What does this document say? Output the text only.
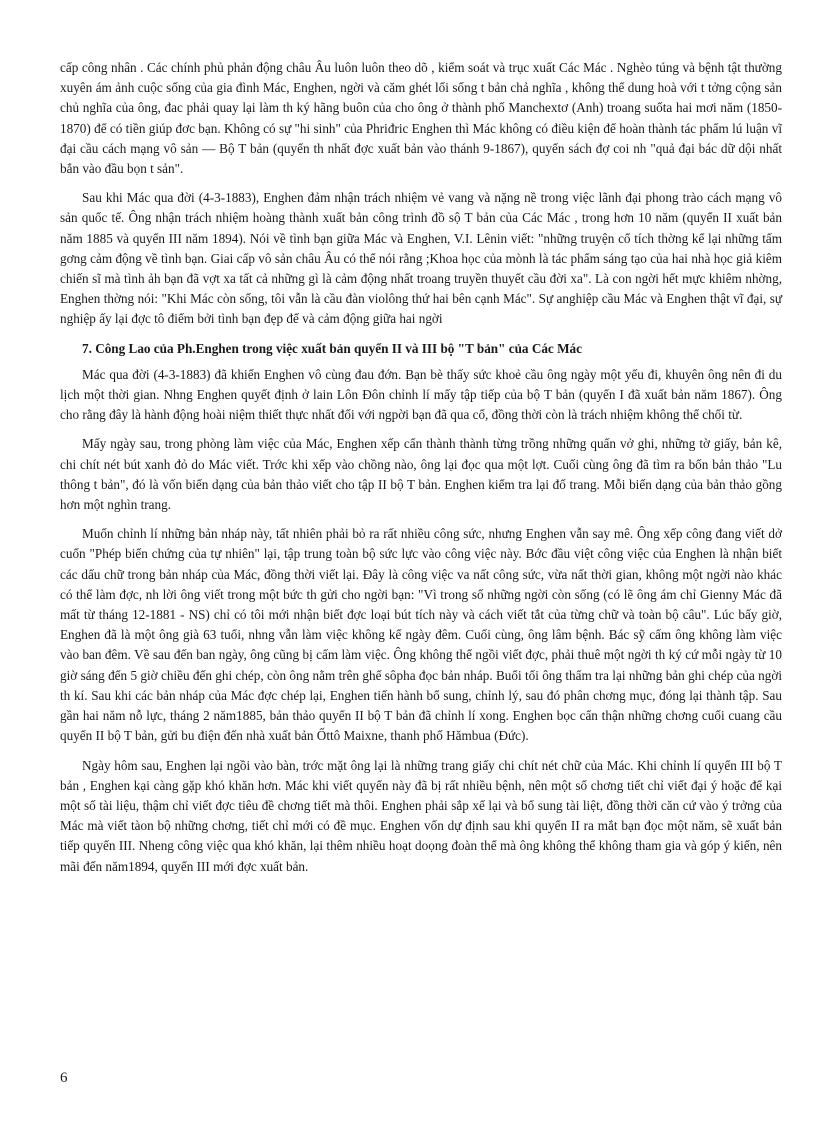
cấp công nhân . Các chính phủ phản động châu Âu luôn luôn theo dõ , kiểm soát và trục xuất Các Mác . Nghèo túng và bệnh tật thường xuyên ám ảnh cuộc sống của gia đình Mác, Enghen, ngời và căm ghét lối sống t bản chả nghĩa , không thể dung hoà với t tởng cộng sản chủ nghĩa của ông, đac phải quay lại làm th ký hãng buôn của cho ông ở thành phố Manchextơ (Anh) troang suốta hai mơi năm (1850-1870) để có tiền giúp đơc bạn. Không có sự "hi sinh" của Phriđric Enghen thì Mác không có điều kiện để hoàn thành tác phẩm lú luận vĩ đại cầu cách mạng vô sản — Bộ T bản (quyển th nhất đợc xuất bản vào thánh 9-1867), quyển sách đợ coi nh "quả đại bác dữ dội nhất bắn vào đầu bọn t sản".

Sau khi Mác qua đời (4-3-1883), Enghen đảm nhận trách nhiệm vẻ vang và nặng nề trong việc lãnh đại phong trào cách mạng vô sản quốc tế. Ông nhận trách nhiệm hoàng thành xuất bản công trình đồ sộ T bản của Các Mác , trong hơn 10 năm (quyển II xuất bản năm 1885 và quyển III năm 1894). Nói về tình bạn giữa Mác và Enghen, V.I. Lênin viết: "những truyện cổ tích thờng kể lại những tấm gơng cảm động về tình bạn. Giai cấp vô sản châu Âu có thể nói rằng ;Khoa học của mònh là tác phẩm sáng tạo của hai nhà học giả kiêm chiến sĩ mà tình ảh bạn đã vợt xa tất cả những gì là cảm động nhất troang truyền thuyết cầu đời xa". Là con ngời hết mực khiêm nhờng, Enghen thờng nói: "Khi Mác còn sống, tôi vẫn là cầu đàn violông thứ hai bên cạnh Mác". Sự anghiệp cầu Mác và Enghen thật vĩ đại, sự nghiệp ấy lại đợc tô điểm bởi tình bạn đẹp đế và cảm động giữa hai ngời

7. Công Lao của Ph.Enghen trong việc xuất bản quyển II và III bộ "T bản" của Các Mác

Mác qua đời (4-3-1883) đã khiến Enghen vô cùng đau đớn. Bạn bè thấy sức khoẻ cầu ông ngày một yếu đi, khuyên ông nên đi du lịch một thời gian. Nhng Enghen quyết định ở lain Lôn Đôn chỉnh lí mấy tập tiếp của bộ T bản (quyển I đã xuất bản năm 1867). Ông cho rằng đây là hành động hoài niệm thiết thực nhất đối với ngpời bạn đã qua cố, đồng thời còn là trách nhiệm không thể chối từ.

Mấy ngày sau, trong phòng làm việc của Mác, Enghen xếp cẩn thành thành từng trồng những quấn vở ghi, những tờ giấy, bản kê, chi chít nét bút xanh đỏ do Mác viết. Trớc khi xếp vào chồng nào, ông lại đọc qua một lợt. Cuối cùng ông đã tìm ra bốn bản thảo "Lu thông t bản", đó là vốn biến dạng của bản thảo viết cho tập II bộ T bản. Enghen kiểm tra lại đố trang. Mỗi biến dạng của bản thảo gồng hơn một nghìn trang.

Muốn chỉnh lí những bản nháp này, tất nhiên phải bỏ ra rất nhiều công sức, nhưng Enghen vẫn say mê. Ông xếp công đang viết dở cuốn "Phép biến chứng của tự nhiên" lại, tập trung toàn bộ sức lực vào công việc này. Bớc đầu việt công việc của Enghen là nhận biết các dấu chữ trong bản nháp của Mác, đồng thời viết lại. Đây là công việc va nất công sức, vừa nất thời gian, không một ngời nào khác có thể làm đợc, nh lời ông viết trong một bức th gửi cho ngời bạn: "Vì trong số những ngời còn sống (có lẽ ông ám chỉ Gienny Mác đã mất từ tháng 12-1881 - NS) chỉ có tôi mới nhận biết đợc loại bút tích này và cách viết tắt của từng chữ và toàn bộ câu". Lúc bấy giờ, Enghen đã là một ông già 63 tuổi, nhng vẫn làm việc không kể ngày đêm. Cuối cùng, ông lâm bệnh. Bác sỹ cấm ông không làm việc vào ban đêm. Về sau đến ban ngày, ông cũng bị cấm làm việc. Ông không thể ngồi viết đợc, phải thuê một ngời th ký cứ mỗi ngày từ 10 giờ sáng đến 5 giờ chiều đến ghi chép, còn ông nằm trên ghế sôpha đọc bản nháp. Buổi tối ông thẩm tra lại những bản ghi chép của ngời th kí. Sau khi các bản nháp của Mác đợc chép lại, Enghen tiến hành bổ sung, chỉnh lý, sau đó phân chơng mục, đóng lại thành tập. Sau gần hai năm nỗ lực, tháng 2 năm1885, bản thảo quyển II bộ T bản đã chỉnh lí xong. Enghen bọc cẩn thận những chơng cuối cuang cầu quyển II bộ T bản, gửi bu điện đến nhà xuất bản Ốttô Maixne, thanh phố Hămbua (Đức).

Ngày hôm sau, Enghen lại ngồi vào bàn, trớc mặt ông lại là những trang giấy chi chít nét chữ của Mác. Khi chỉnh lí quyển III bộ T bản , Enghen kại càng gặp khó khăn hơn. Mác khi viết quyển này đã bị rất nhiều bệnh, nên một số chơng tiết chỉ viết đại ý hoặc để kại một số tài liệu, thậm chỉ viết đợc tiêu đề chơng tiết mà thôi. Enghen phải sắp xế lại và bổ sung tài liệt, đồng thời căn cứ vào ý trởng của Mác mà viết tàon bộ những chơng, tiết chỉ mới có đề mục. Enghen vốn dự định sau khi quyển II ra mắt bạn đọc một năm, sẽ xuất bản tiếp quyển III. Nheng công việc qua khó khăn, lại thêm nhiều hoạt doọng đoàn thể mà ông không thể không tham gia và góp ý kiến, nên mãi đến năm1894, quyển III mới đợc xuất bản.

6
